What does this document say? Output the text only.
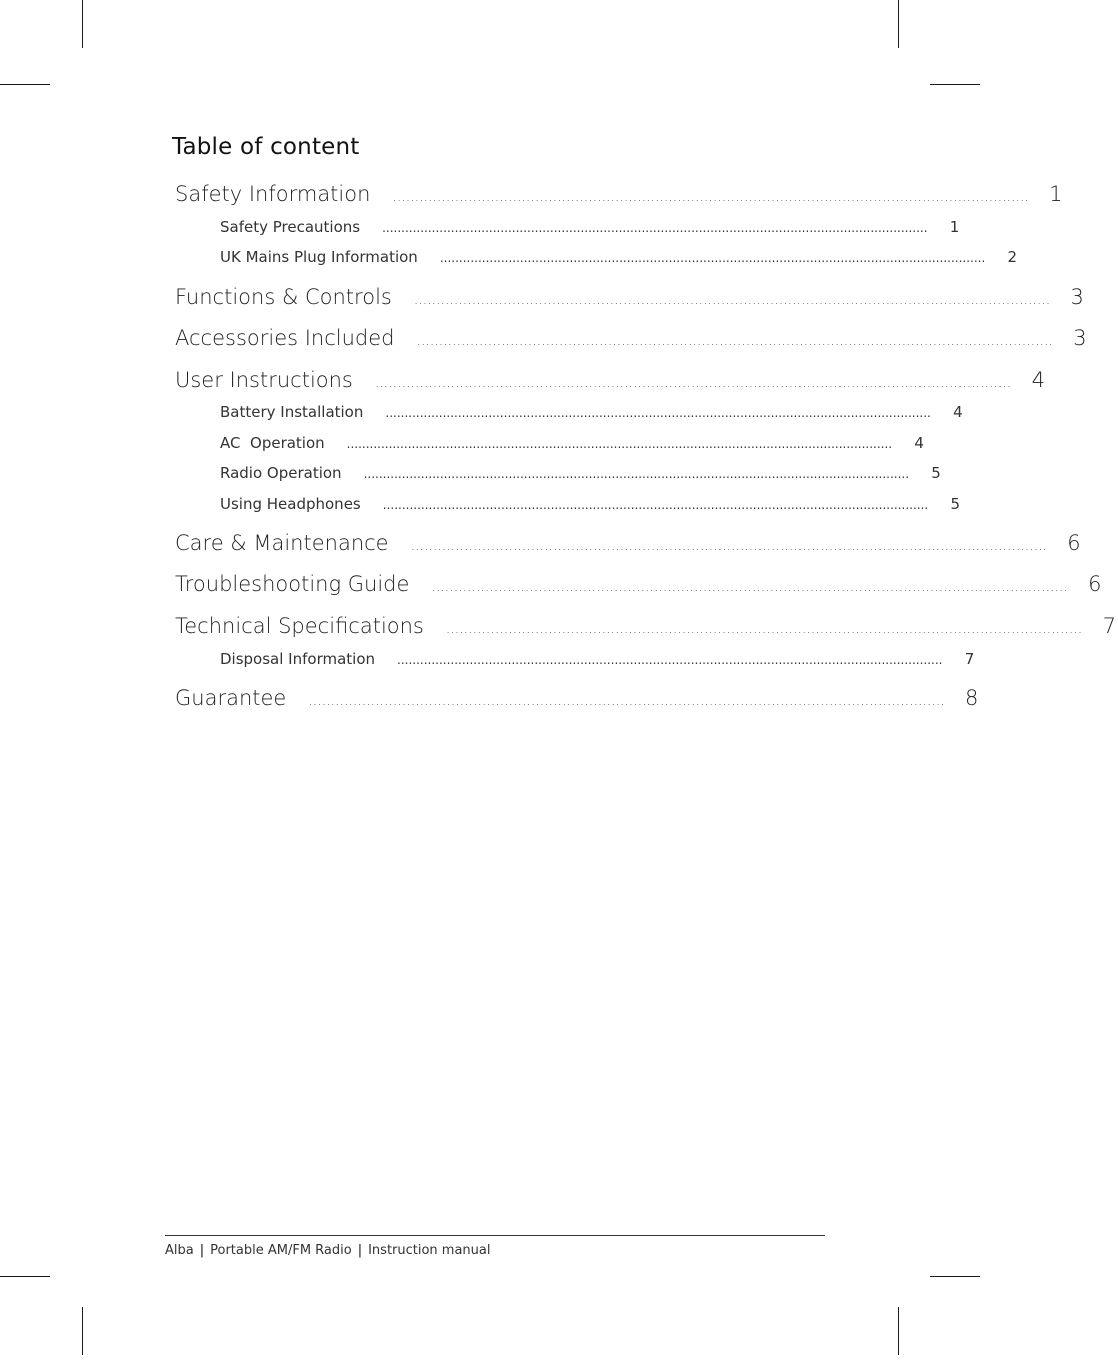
Table of content
Safety Information ............................................................................................................................................... 1
Safety Precautions ............................................................................................................................................... 1
UK Mains Plug Information ............................................................................................................................................... 2
Functions & Controls ............................................................................................................................................... 3
Accessories Included ............................................................................................................................................... 3
User Instructions ............................................................................................................................................... 4
Battery Installation ............................................................................................................................................... 4
AC  Operation ............................................................................................................................................... 4
Radio Operation ............................................................................................................................................... 5
Using Headphones ............................................................................................................................................... 5
Care & Maintenance ............................................................................................................................................... 6
Troubleshooting Guide ............................................................................................................................................... 6
Technical Specifications ............................................................................................................................................... 7
Disposal Information ............................................................................................................................................... 7
Guarantee ............................................................................................................................................... 8
Alba | Portable AM/FM Radio | Instruction manual
